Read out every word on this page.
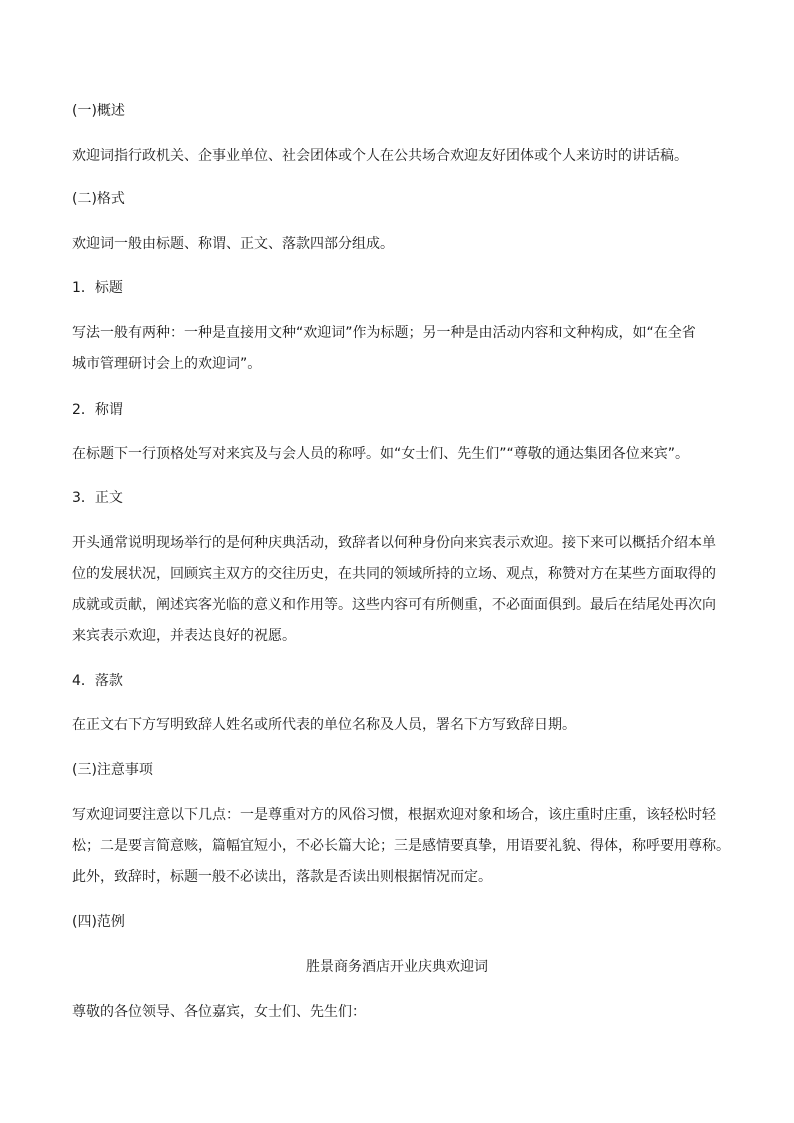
(一)概述
欢迎词指行政机关、企事业单位、社会团体或个人在公共场合欢迎友好团体或个人来访时的讲话稿。
(二)格式
欢迎词一般由标题、称谓、正文、落款四部分组成。
1．标题
写法一般有两种：一种是直接用文种“欢迎词”作为标题；另一种是由活动内容和文种构成，如“在全省
城市管理研讨会上的欢迎词”。
2．称谓
在标题下一行顶格处写对来宾及与会人员的称呼。如“女士们、先生们”“尊敬的通达集团各位来宾”。
3．正文
开头通常说明现场举行的是何种庆典活动，致辞者以何种身份向来宾表示欢迎。接下来可以概括介绍本单
位的发展状况，回顾宾主双方的交往历史，在共同的领域所持的立场、观点，称赞对方在某些方面取得的
成就或贡献，阐述宾客光临的意义和作用等。这些内容可有所侧重，不必面面俱到。最后在结尾处再次向
来宾表示欢迎，并表达良好的祝愿。
4．落款
在正文右下方写明致辞人姓名或所代表的单位名称及人员，署名下方写致辞日期。
(三)注意事项
写欢迎词要注意以下几点：一是尊重对方的风俗习惯，根据欢迎对象和场合，该庄重时庄重，该轻松时轻
松；二是要言简意赅，篇幅宜短小，不必长篇大论；三是感情要真挚，用语要礼貌、得体，称呼要用尊称。
此外，致辞时，标题一般不必读出，落款是否读出则根据情况而定。
(四)范例
胜景商务酒店开业庆典欢迎词
尊敬的各位领导、各位嘉宾，女士们、先生们：
